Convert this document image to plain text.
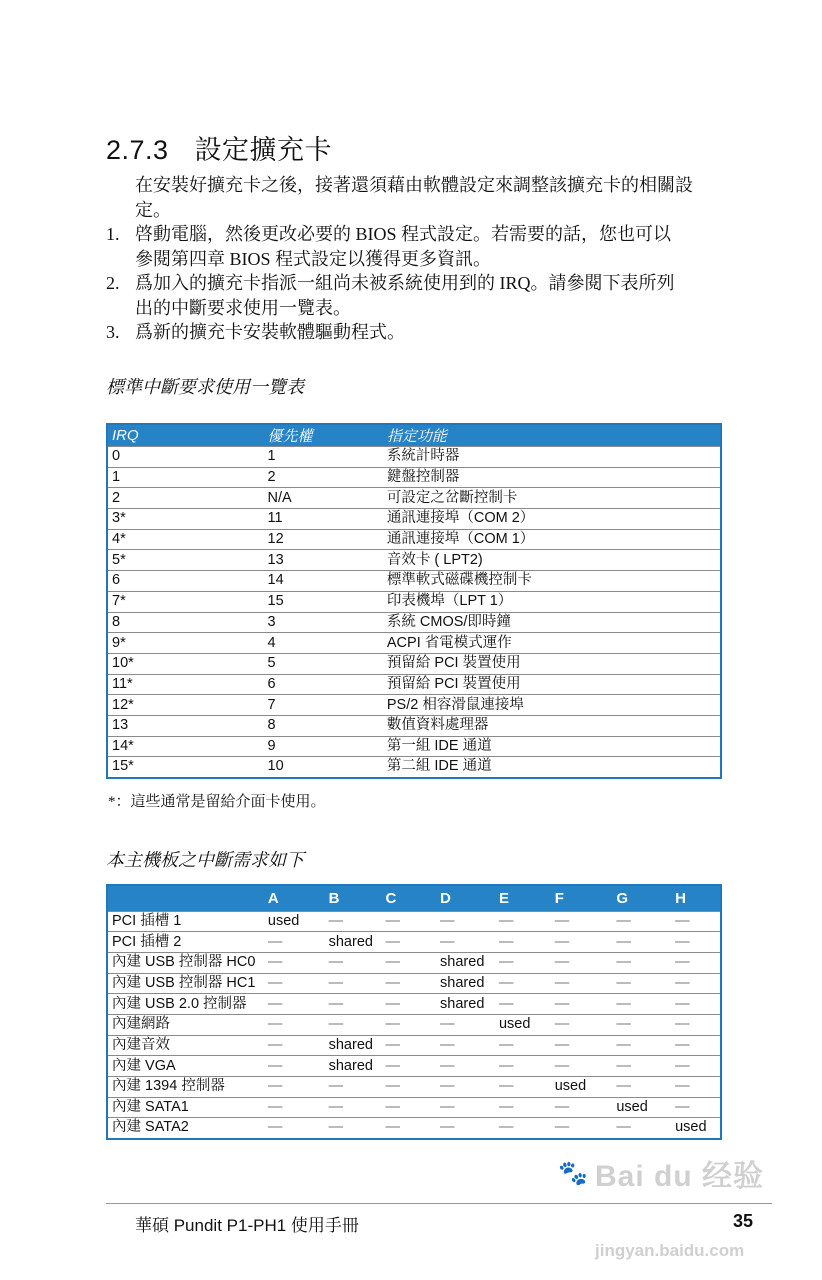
2.7.3 設定擴充卡
在安裝好擴充卡之後，接著還須藉由軟體設定來調整該擴充卡的相關設
定。
1. 啓動電腦，然後更改必要的 BIOS 程式設定。若需要的話，您也可以
參閱第四章 BIOS 程式設定以獲得更多資訊。
2. 爲加入的擴充卡指派一組尚未被系統使用到的 IRQ。請參閱下表所列
出的中斷要求使用一覽表。
3. 爲新的擴充卡安裝軟體驅動程式。
標準中斷要求使用一覽表
IRQ	優先權	指定功能
0	1	系統計時器
1	2	鍵盤控制器
2	N/A	可設定之岔斷控制卡
3*	11	通訊連接埠（COM 2）
4*	12	通訊連接埠（COM 1）
5*	13	音效卡 ( LPT2)
6	14	標準軟式磁碟機控制卡
7*	15	印表機埠（LPT 1）
8	3	系統 CMOS/即時鐘
9*	4	ACPI 省電模式運作
10*	5	預留給 PCI 裝置使用
11*	6	預留給 PCI 裝置使用
12*	7	PS/2 相容滑鼠連接埠
13	8	數值資料處理器
14*	9	第一組 IDE 通道
15*	10	第二組 IDE 通道
*：這些通常是留給介面卡使用。
本主機板之中斷需求如下
	A	B	C	D	E	F	G	H
PCI 插槽 1	used	—	—	—	—	—	—	—
PCI 插槽 2	—	shared	—	—	—	—	—	—
內建 USB 控制器 HC0	—	—	—	shared	—	—	—	—
內建 USB 控制器 HC1	—	—	—	shared	—	—	—	—
內建 USB 2.0 控制器	—	—	—	shared	—	—	—	—
內建網路	—	—	—	—	used	—	—	—
內建音效	—	shared	—	—	—	—	—	—
內建 VGA	—	shared	—	—	—	—	—	—
內建 1394 控制器	—	—	—	—	—	used	—	—
內建 SATA1	—	—	—	—	—	—	used	—
內建 SATA2	—	—	—	—	—	—	—	used
華碩 Pundit P1-PH1 使用手冊	35
🐾 Bai du 经验
jingyan.baidu.com
